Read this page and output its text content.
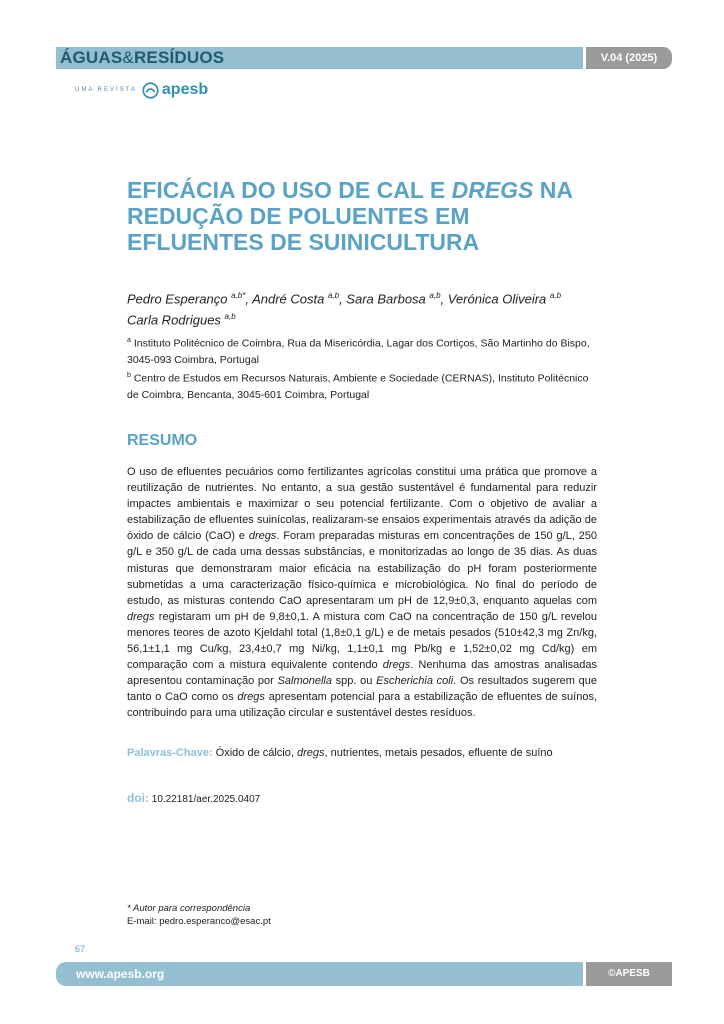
ÁGUAS&RESÍDUOS	V.04 (2025)
UMA REVISTA apesb
EFICÁCIA DO USO DE CAL E DREGS NA REDUÇÃO DE POLUENTES EM EFLUENTES DE SUINICULTURA
Pedro Esperanço $^{a,b*}$, André Costa $^{a,b}$, Sara Barbosa $^{a,b}$, Verónica Oliveira $^{a,b}$ Carla Rodrigues $^{a,b}$
$^a$ Instituto Politécnico de Coimbra, Rua da Misericórdia, Lagar dos Cortiços, São Martinho do Bispo, 3045-093 Coimbra, Portugal
$^b$ Centro de Estudos em Recursos Naturais, Ambiente e Sociedade (CERNAS), Instituto Politécnico de Coimbra, Bencanta, 3045-601 Coimbra, Portugal
RESUMO

O uso de efluentes pecuários como fertilizantes agrícolas constitui uma prática que promove a reutilização de nutrientes. No entanto, a sua gestão sustentável é fundamental para reduzir impactes ambientais e maximizar o seu potencial fertilizante. Com o objetivo de avaliar a estabilização de efluentes suinícolas, realizaram-se ensaios experimentais através da adição de óxido de cálcio (CaO) e dregs. Foram preparadas misturas em concentrações de 150 g/L, 250 g/L e 350 g/L de cada uma dessas substâncias, e monitorizadas ao longo de 35 dias. As duas misturas que demonstraram maior eficácia na estabilização do pH foram posteriormente submetidas a uma caracterização físico-química e microbiológica. No final do período de estudo, as misturas contendo CaO apresentaram um pH de 12,9±0,3, enquanto aquelas com dregs registaram um pH de 9,8±0,1. A mistura com CaO na concentração de 150 g/L revelou menores teores de azoto Kjeldahl total (1,8±0,1 g/L) e de metais pesados (510±42,3 mg Zn/kg, 56,1±1,1 mg Cu/kg, 23,4±0,7 mg Ni/kg, 1,1±0,1 mg Pb/kg e 1,52±0,02 mg Cd/kg) em comparação com a mistura equivalente contendo dregs. Nenhuma das amostras analisadas apresentou contaminação por Salmonella spp. ou Escherichia coli. Os resultados sugerem que tanto o CaO como os dregs apresentam potencial para a estabilização de efluentes de suínos, contribuindo para uma utilização circular e sustentável destes resíduos.

Palavras-Chave: Óxido de cálcio, dregs, nutrientes, metais pesados, efluente de suíno
doi: 10.22181/aer.2025.0407
* Autor para correspondência
E-mail: pedro.esperanco@esac.pt
67
www.apesb.org	©APESB
